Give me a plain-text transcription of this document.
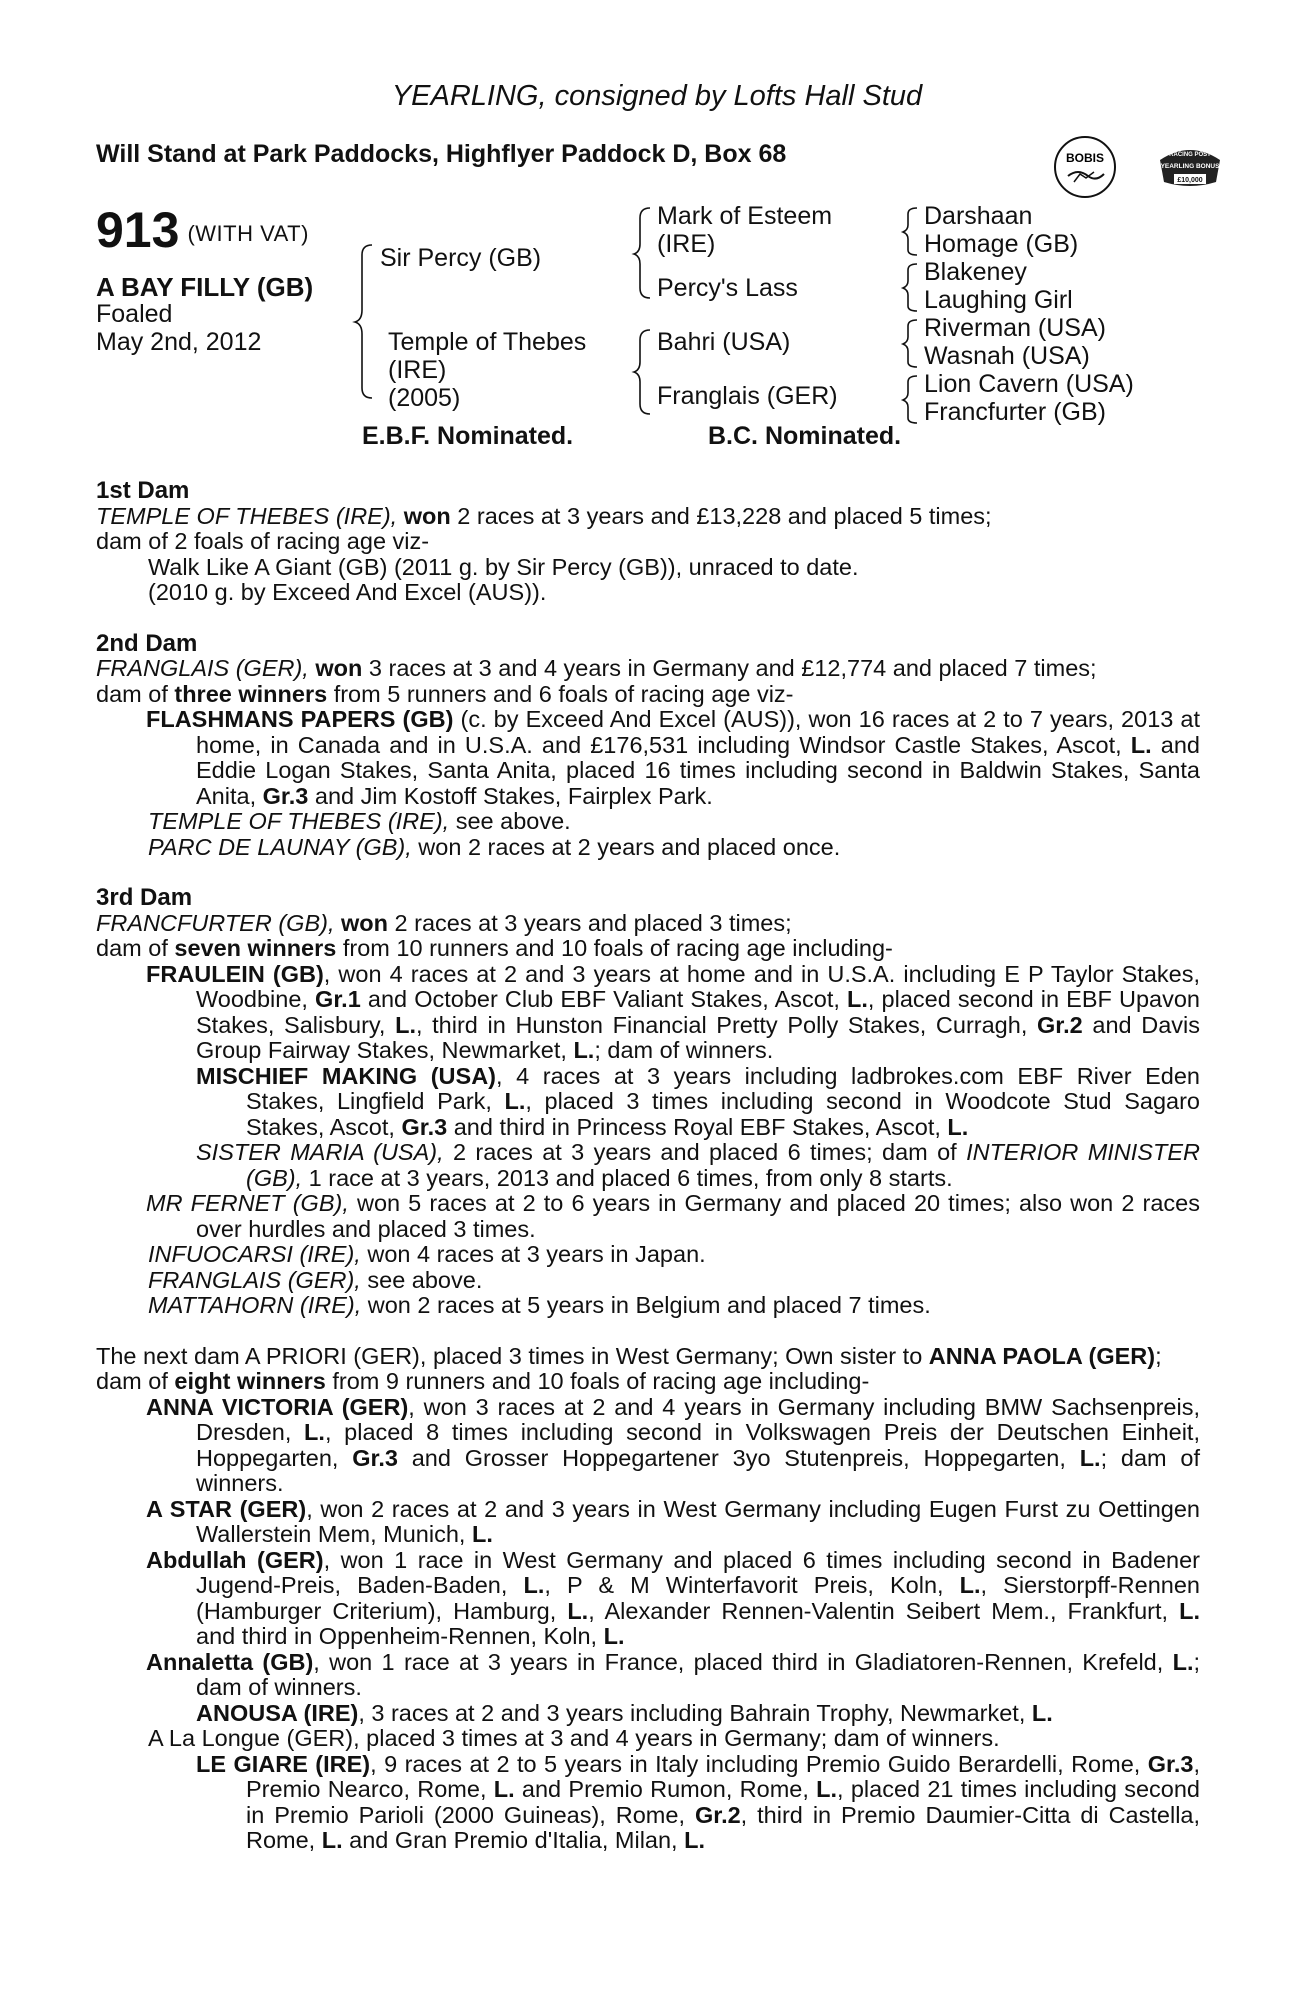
YEARLING, consigned by Lofts Hall Stud
Will Stand at Park Paddocks, Highflyer Paddock D, Box 68	BOBIS	RACING POST
YEARLING BONUS
£10,000
913 (WITH VAT)
A BAY FILLY (GB)
Foaled
May 2nd, 2012
Sir Percy (GB)
Temple of Thebes
(IRE)
(2005)
Mark of Esteem
(IRE)
Percy's Lass
Bahri (USA)
Franglais (GER)
Darshaan
Homage (GB)
Blakeney
Laughing Girl
Riverman (USA)
Wasnah (USA)
Lion Cavern (USA)
Francfurter (GB)
E.B.F. Nominated.	B.C. Nominated.

1st Dam

TEMPLE OF THEBES (IRE), won 2 races at 3 years and £13,228 and placed 5 times;

dam of 2 foals of racing age viz-

Walk Like A Giant (GB) (2011 g. by Sir Percy (GB)), unraced to date.

(2010 g. by Exceed And Excel (AUS)).

2nd Dam

FRANGLAIS (GER), won 3 races at 3 and 4 years in Germany and £12,774 and placed 7 times;

dam of three winners from 5 runners and 6 foals of racing age viz-

FLASHMANS PAPERS (GB) (c. by Exceed And Excel (AUS)), won 16 races at 2 to 7 years, 2013 at home, in Canada and in U.S.A. and £176,531 including Windsor Castle Stakes, Ascot, L. and Eddie Logan Stakes, Santa Anita, placed 16 times including second in Baldwin Stakes, Santa Anita, Gr.3 and Jim Kostoff Stakes, Fairplex Park.

TEMPLE OF THEBES (IRE), see above.

PARC DE LAUNAY (GB), won 2 races at 2 years and placed once.

3rd Dam

FRANCFURTER (GB), won 2 races at 3 years and placed 3 times;

dam of seven winners from 10 runners and 10 foals of racing age including-

FRAULEIN (GB), won 4 races at 2 and 3 years at home and in U.S.A. including E P Taylor Stakes, Woodbine, Gr.1 and October Club EBF Valiant Stakes, Ascot, L., placed second in EBF Upavon Stakes, Salisbury, L., third in Hunston Financial Pretty Polly Stakes, Curragh, Gr.2 and Davis Group Fairway Stakes, Newmarket, L.; dam of winners.

MISCHIEF MAKING (USA), 4 races at 3 years including ladbrokes.com EBF River Eden Stakes, Lingfield Park, L., placed 3 times including second in Woodcote Stud Sagaro Stakes, Ascot, Gr.3 and third in Princess Royal EBF Stakes, Ascot, L.

SISTER MARIA (USA), 2 races at 3 years and placed 6 times; dam of INTERIOR MINISTER (GB), 1 race at 3 years, 2013 and placed 6 times, from only 8 starts.

MR FERNET (GB), won 5 races at 2 to 6 years in Germany and placed 20 times; also won 2 races over hurdles and placed 3 times.

INFUOCARSI (IRE), won 4 races at 3 years in Japan.

FRANGLAIS (GER), see above.

MATTAHORN (IRE), won 2 races at 5 years in Belgium and placed 7 times.

The next dam A PRIORI (GER), placed 3 times in West Germany; Own sister to ANNA PAOLA (GER);

dam of eight winners from 9 runners and 10 foals of racing age including-

ANNA VICTORIA (GER), won 3 races at 2 and 4 years in Germany including BMW Sachsenpreis, Dresden, L., placed 8 times including second in Volkswagen Preis der Deutschen Einheit, Hoppegarten, Gr.3 and Grosser Hoppegartener 3yo Stutenpreis, Hoppegarten, L.; dam of winners.

A STAR (GER), won 2 races at 2 and 3 years in West Germany including Eugen Furst zu Oettingen Wallerstein Mem, Munich, L.

Abdullah (GER), won 1 race in West Germany and placed 6 times including second in Badener Jugend-Preis, Baden-Baden, L., P & M Winterfavorit Preis, Koln, L., Sierstorpff-Rennen (Hamburger Criterium), Hamburg, L., Alexander Rennen-Valentin Seibert Mem., Frankfurt, L. and third in Oppenheim-Rennen, Koln, L.

Annaletta (GB), won 1 race at 3 years in France, placed third in Gladiatoren-Rennen, Krefeld, L.; dam of winners.

ANOUSA (IRE), 3 races at 2 and 3 years including Bahrain Trophy, Newmarket, L.

A La Longue (GER), placed 3 times at 3 and 4 years in Germany; dam of winners.

LE GIARE (IRE), 9 races at 2 to 5 years in Italy including Premio Guido Berardelli, Rome, Gr.3, Premio Nearco, Rome, L. and Premio Rumon, Rome, L., placed 21 times including second in Premio Parioli (2000 Guineas), Rome, Gr.2, third in Premio Daumier-Citta di Castella, Rome, L. and Gran Premio d'Italia, Milan, L.
